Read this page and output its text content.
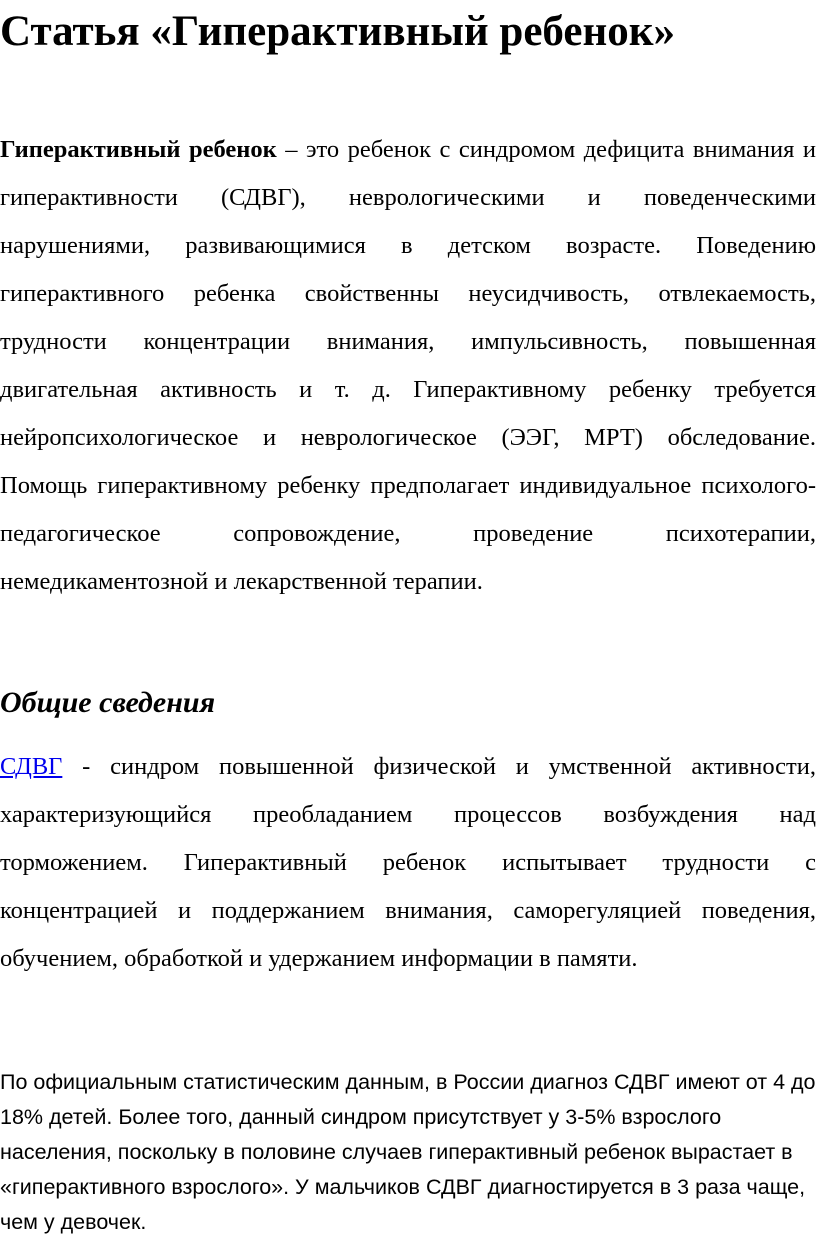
Статья «Гиперактивный ребенок»

Гиперактивный ребенок – это ребенок с синдромом дефицита внимания и гиперактивности (СДВГ), неврологическими и поведенческими нарушениями, развивающимися в детском возрасте. Поведению гиперактивного ребенка свойственны неусидчивость, отвлекаемость, трудности концентрации внимания, импульсивность, повышенная двигательная активность и т. д. Гиперактивному ребенку требуется нейропсихологическое и неврологическое (ЭЭГ, МРТ) обследование. Помощь гиперактивному ребенку предполагает индивидуальное психолого-педагогическое сопровождение, проведение психотерапии, немедикаментозной и лекарственной терапии.

Общие сведения

СДВГ - синдром повышенной физической и умственной активности, характеризующийся преобладанием процессов возбуждения над торможением. Гиперактивный ребенок испытывает трудности с концентрацией и поддержанием внимания, саморегуляцией поведения, обучением, обработкой и удержанием информации в памяти.

По официальным статистическим данным, в России диагноз СДВГ имеют от 4 до 18% детей. Более того, данный синдром присутствует у 3-5% взрослого населения, поскольку в половине случаев гиперактивный ребенок вырастает в «гиперактивного взрослого». У мальчиков СДВГ диагностируется в 3 раза чаще, чем у девочек.
